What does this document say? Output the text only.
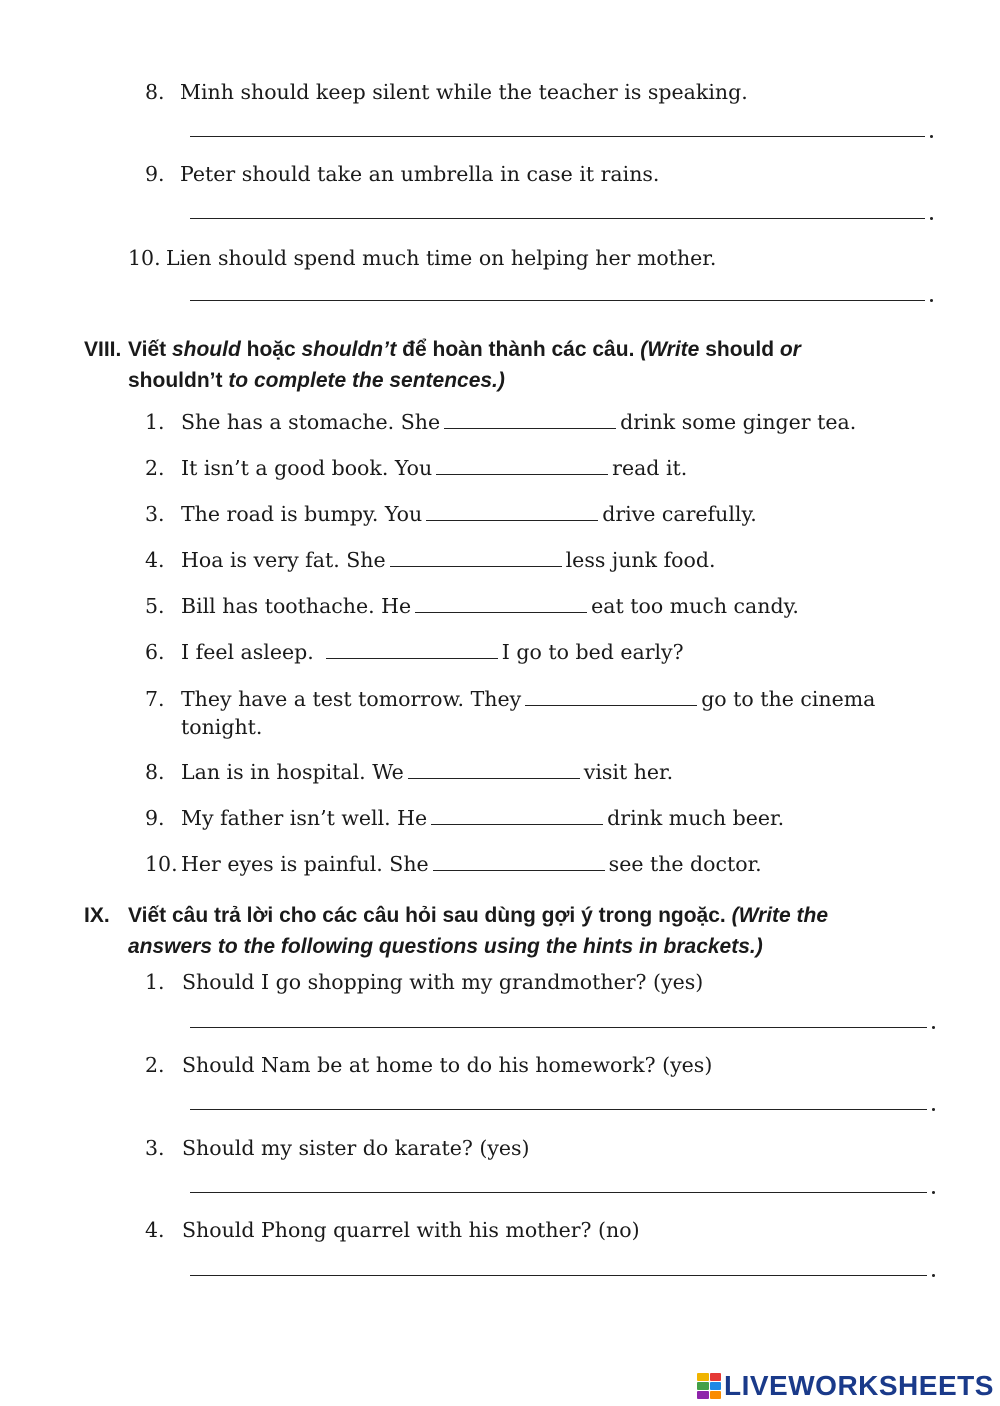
8. Minh should keep silent while the teacher is speaking.
9. Peter should take an umbrella in case it rains.
10. Lien should spend much time on helping her mother.
VIII. Viết should hoặc shouldn’t để hoàn thành các câu. (Write should or
shouldn’t to complete the sentences.)
1. She has a stomache. She	drink some ginger tea.
2. It isn’t a good book. You	read it.
3. The road is bumpy. You	drive carefully.
4. Hoa is very fat. She	less junk food.
5. Bill has toothache. He	eat too much candy.
6. I feel asleep.	I go to bed early?
7. They have a test tomorrow. They	go to the cinema
tonight.
8. Lan is in hospital. We	visit her.
9. My father isn’t well. He	drink much beer.
10. Her eyes is painful. She	see the doctor.
IX. Viết câu trả lời cho các câu hỏi sau dùng gợi ý trong ngoặc. (Write the
answers to the following questions using the hints in brackets.)
1. Should I go shopping with my grandmother? (yes)
2. Should Nam be at home to do his homework? (yes)
3. Should my sister do karate? (yes)
4. Should Phong quarrel with his mother? (no)
LIVEWORKSHEETS
